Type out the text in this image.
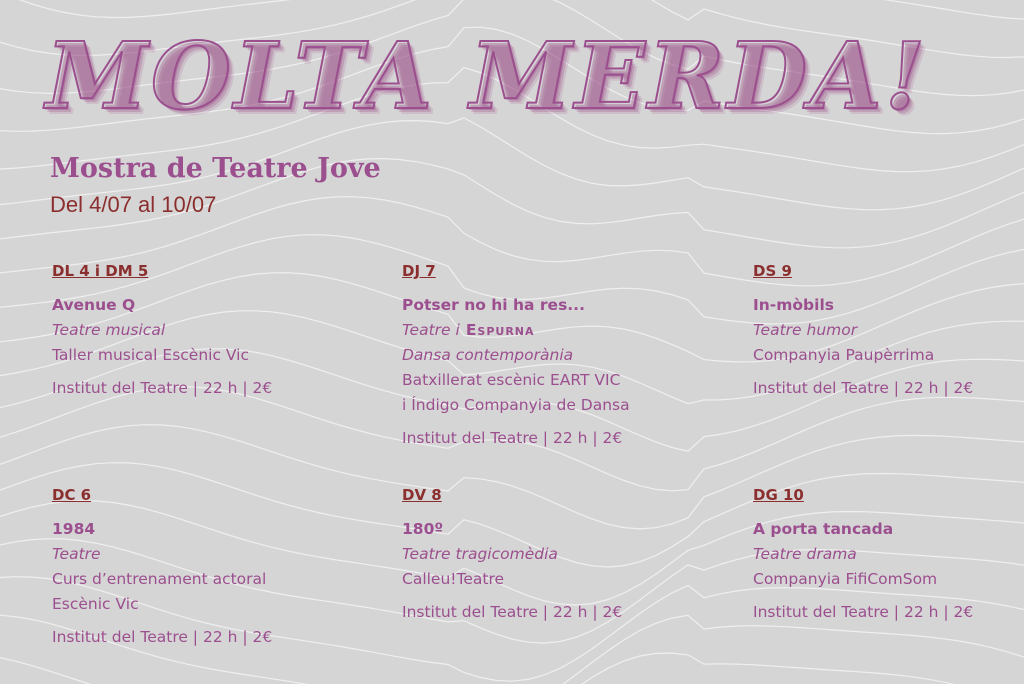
MOLTA MERDA!
Mostra de Teatre Jove
Del 4/07 al 10/07
DL 4 i DM 5
Avenue Q
Teatre musical
Taller musical Escènic Vic
Institut del Teatre | 22 h | 2€
DJ 7
Potser no hi ha res...
Teatre i Espurna
Dansa contemporània
Batxillerat escènic EART VIC
i Índigo Companyia de Dansa
Institut del Teatre | 22 h | 2€
DS 9
In-mòbils
Teatre humor
Companyia Paupèrrima
Institut del Teatre | 22 h | 2€
DC 6
1984
Teatre
Curs d’entrenament actoral
Escènic Vic
Institut del Teatre | 22 h | 2€
DV 8
180º
Teatre tragicomèdia
Calleu!Teatre
Institut del Teatre | 22 h | 2€
DG 10
A porta tancada
Teatre drama
Companyia FifiComSom
Institut del Teatre | 22 h | 2€
